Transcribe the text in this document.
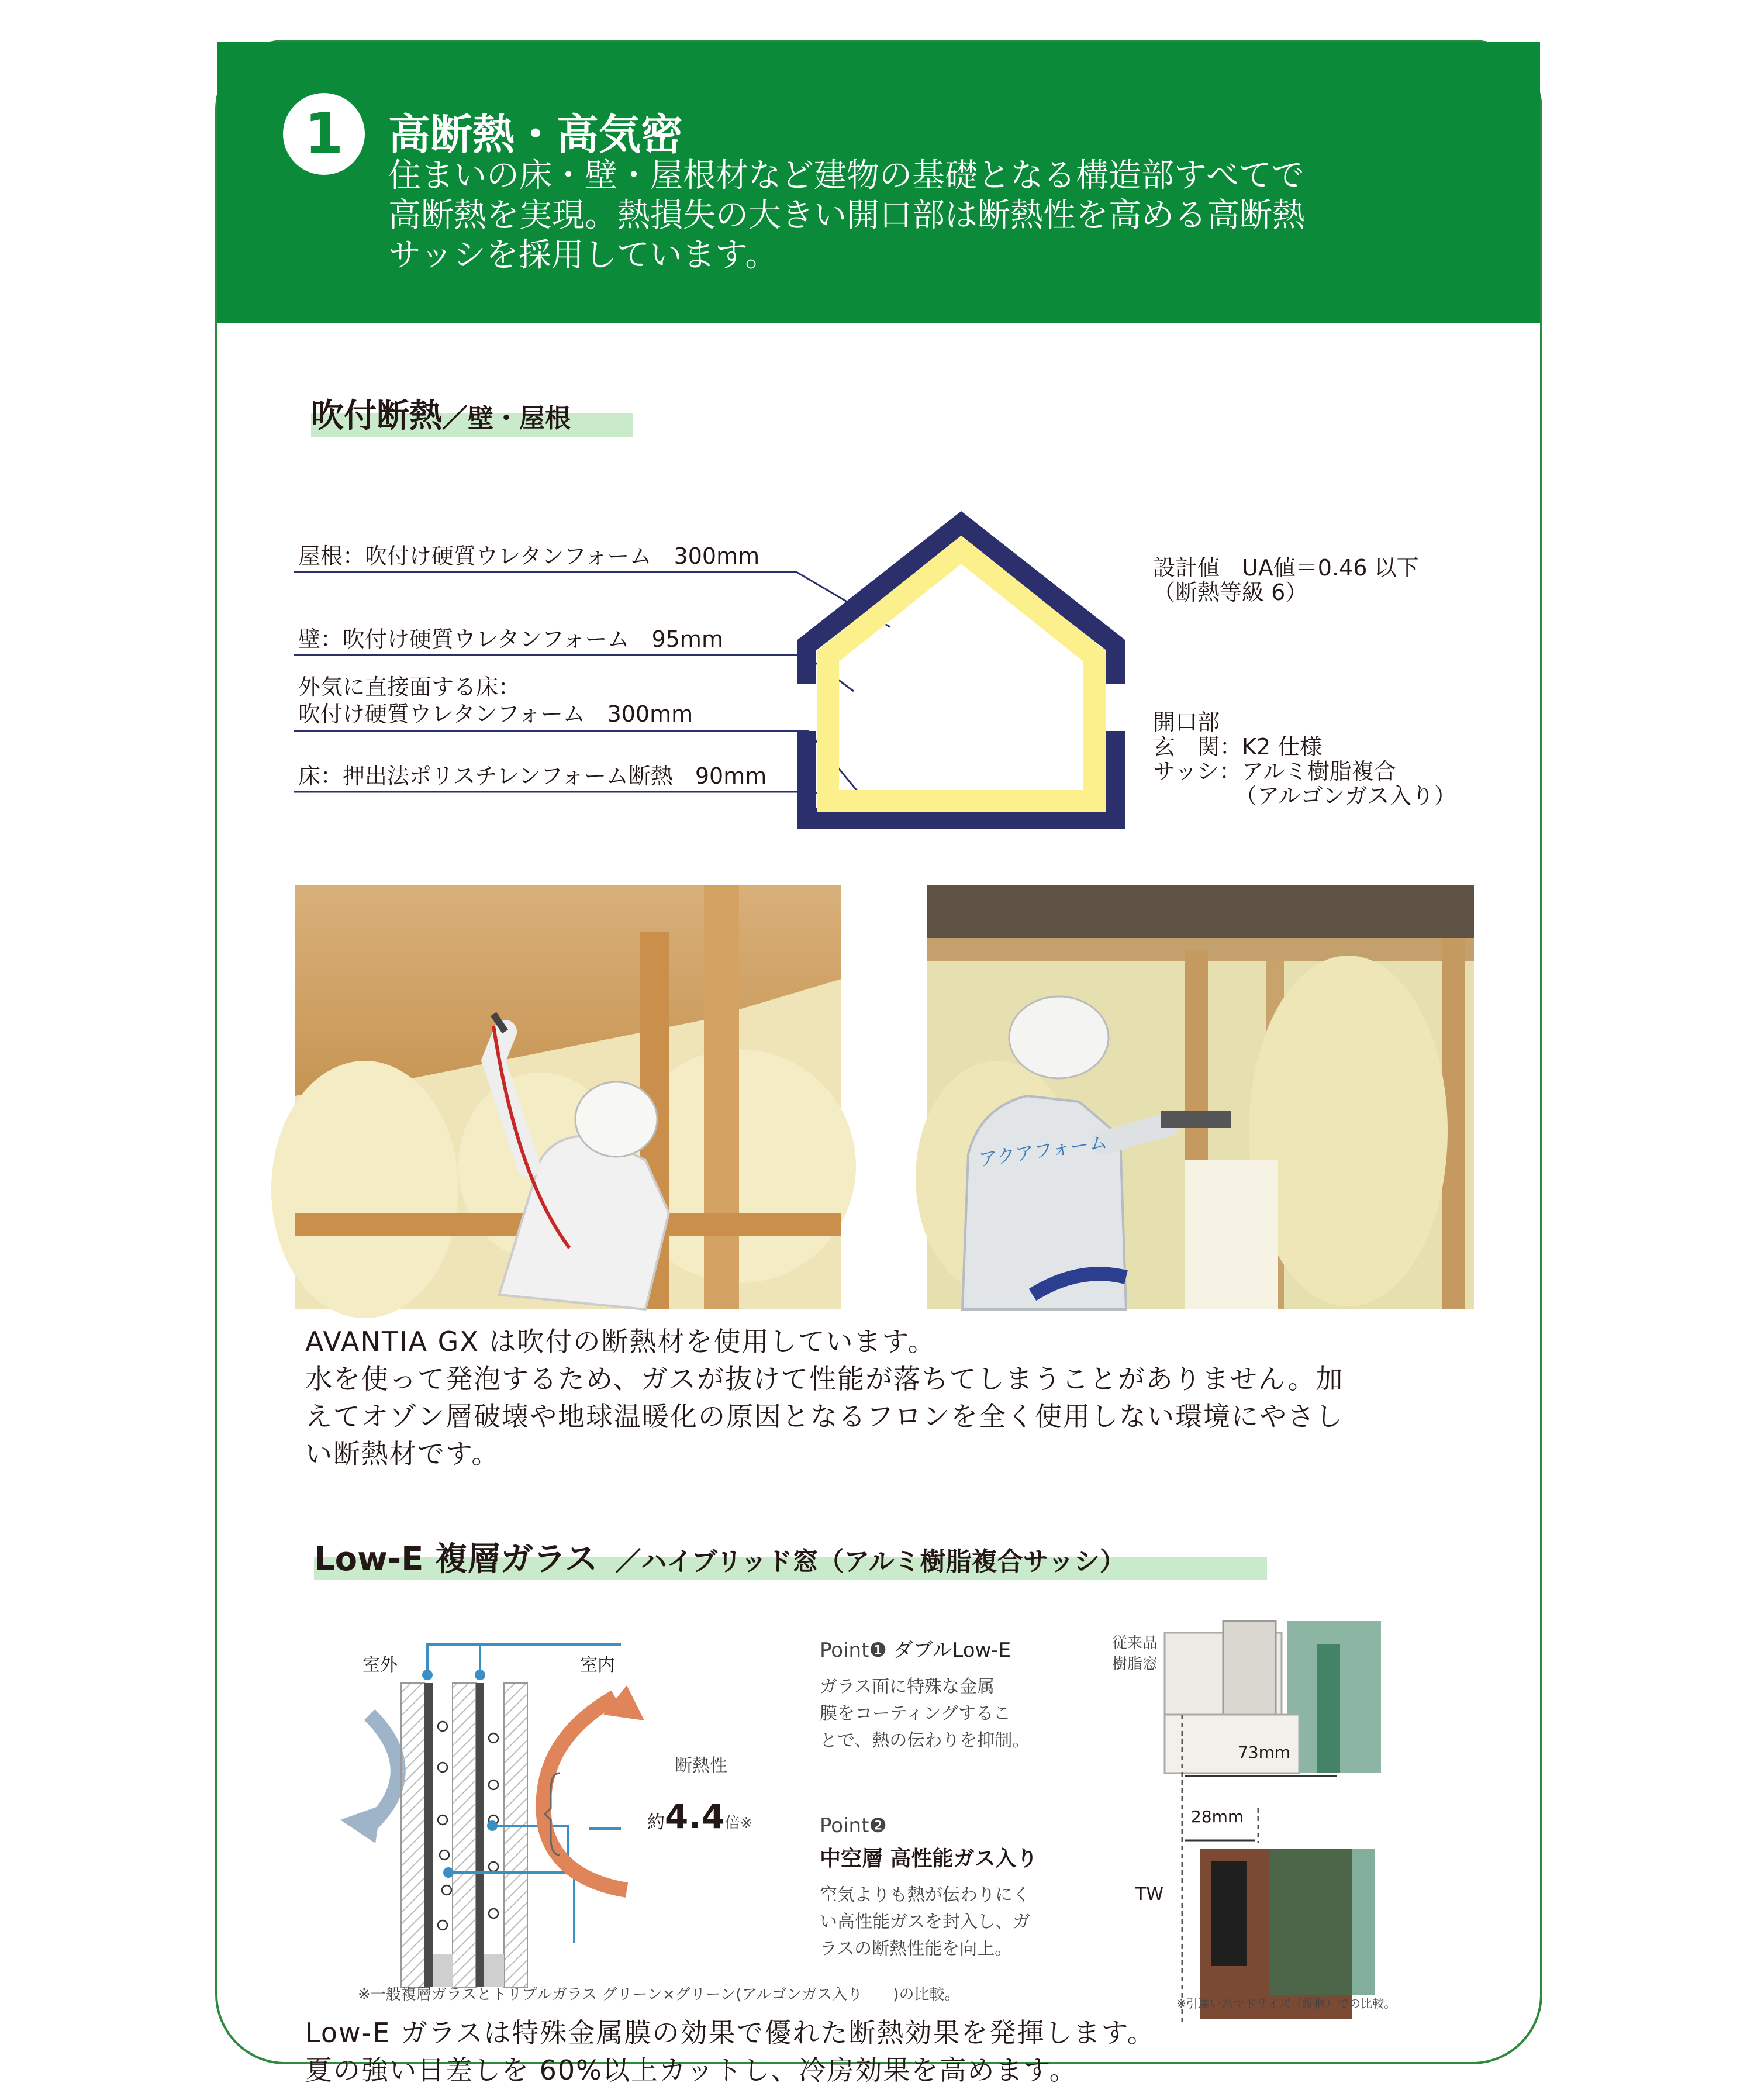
1	高断熱・高気密
住まいの床・壁・屋根材など建物の基礎となる構造部すべてで
高断熱を実現。熱損失の大きい開口部は断熱性を高める高断熱
サッシを採用しています。
吹付断熱／壁・屋根
屋根：吹付け硬質ウレタンフォーム　300mm
壁：吹付け硬質ウレタンフォーム　95mm
外気に直接面する床：
吹付け硬質ウレタンフォーム　300mm
床：押出法ポリスチレンフォーム断熱　90mm
設計値　UA値＝0.46 以下
（断熱等級 6）
開口部
玄　関：K2 仕様
サッシ：アルミ樹脂複合
（アルゴンガス入り）
アクアフォーム
AVANTIA GX は吹付の断熱材を使用しています。
水を使って発泡するため、ガスが抜けて性能が落ちてしまうことがありません。加
えてオゾン層破壊や地球温暖化の原因となるフロンを全く使用しない環境にやさし
い断熱材です。
Low-E 複層ガラス ／ハイブリッド窓（アルミ樹脂複合サッシ）
室外	室内
断熱性
約4.4倍※
Point❶ ダブルLow-E
ガラス面に特殊な金属
膜をコーティングするこ
とで、熱の伝わりを抑制。
Point❷
中空層 高性能ガス入り
空気よりも熱が伝わりにく
い高性能ガスを封入し、ガ
ラスの断熱性能を向上。
※一般複層ガラスとトリプルガラス グリーン×グリーン(アルゴンガス入り　　)の比較。
従来品
樹脂窓
73mm
28mm
TW
※引違い窓マドサイズ（縦框）での比較。
Low-E ガラスは特殊金属膜の効果で優れた断熱効果を発揮します。
夏の強い日差しを 60%以上カットし、冷房効果を高めます。
